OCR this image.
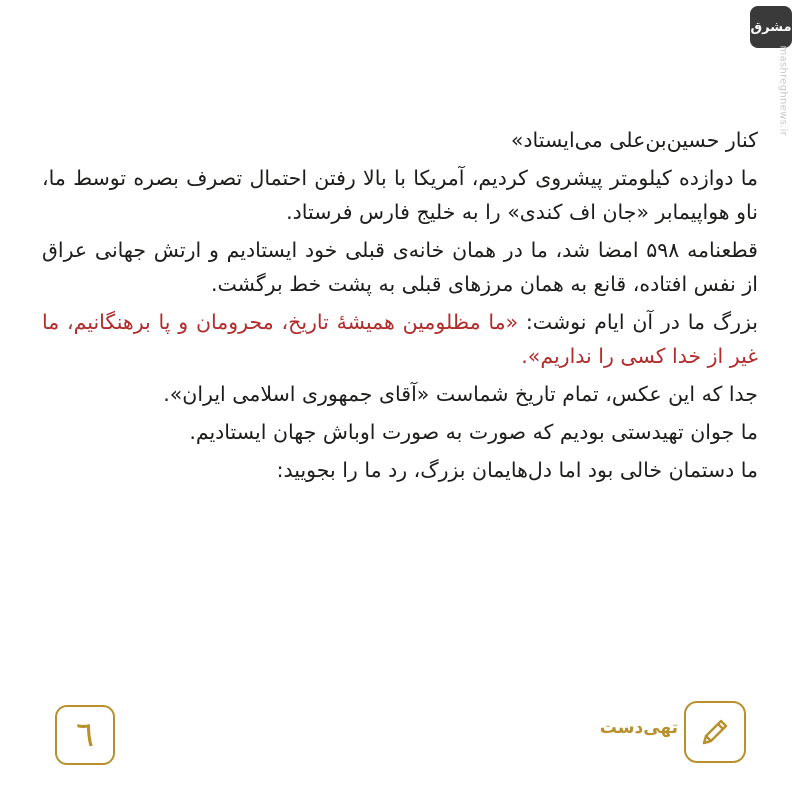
مشرق
mashreghnews.ir

کنار حسین‌بن‌علی می‌ایستاد»

ما دوازده کیلومتر پیشروی کردیم، آمریکا با بالا رفتن احتمال تصرف بصره توسط ما، ناو هواپیمابر «جان اف کندی» را به خلیج فارس فرستاد.

قطعنامه ۵۹۸ امضا شد، ما در همان خانه‌ی قبلی خود ایستادیم و ارتش جهانی عراق از نفس افتاده، قانع به همان مرزهای قبلی به پشت خط برگشت.

بزرگ ما در آن ایام نوشت: «ما مظلومین همیشهٔ تاریخ، محرومان و پا برهنگانیم، ما غیر از خدا کسی را نداریم».

جدا که این عکس، تمام تاریخ شماست «آقای جمهوری اسلامی ایران».

ما جوان تهیدستی بودیم که صورت به صورت اوباش جهان ایستادیم.

ما دستمان خالی بود اما دل‌هایمان بزرگ، رد ما را بجویید:

٦	تهی‌دست
